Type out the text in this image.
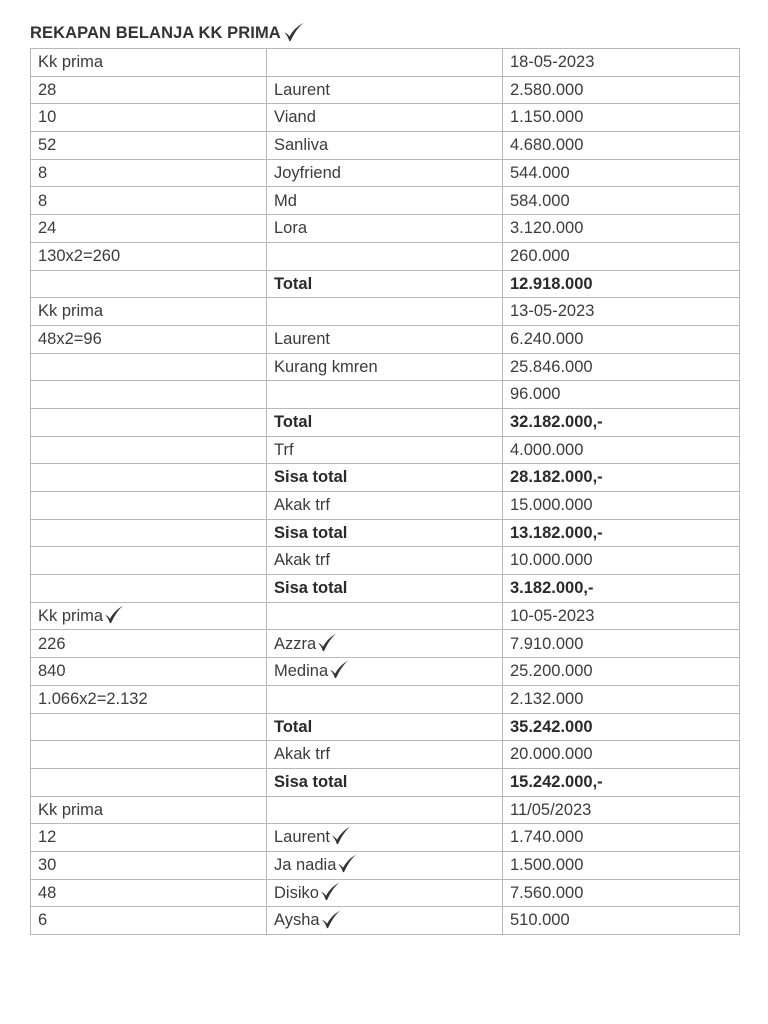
REKAPAN BELANJA KK PRIMA
Kk prima		18-05-2023
28	Laurent	2.580.000
10	Viand	1.150.000
52	Sanliva	4.680.000
8	Joyfriend	544.000
8	Md	584.000
24	Lora	3.120.000
130x2=260		260.000
	Total	12.918.000
Kk prima		13-05-2023
48x2=96	Laurent	6.240.000
	Kurang kmren	25.846.000
		96.000
	Total	32.182.000,-
	Trf	4.000.000
	Sisa total	28.182.000,-
	Akak trf	15.000.000
	Sisa total	13.182.000,-
	Akak trf	10.000.000
	Sisa total	3.182.000,-
Kk prima		10-05-2023
226	Azzra	7.910.000
840	Medina	25.200.000
1.066x2=2.132		2.132.000
	Total	35.242.000
	Akak trf	20.000.000
	Sisa total	15.242.000,-
Kk prima		11/05/2023
12	Laurent	1.740.000
30	Ja nadia	1.500.000
48	Disiko	7.560.000
6	Aysha	510.000
